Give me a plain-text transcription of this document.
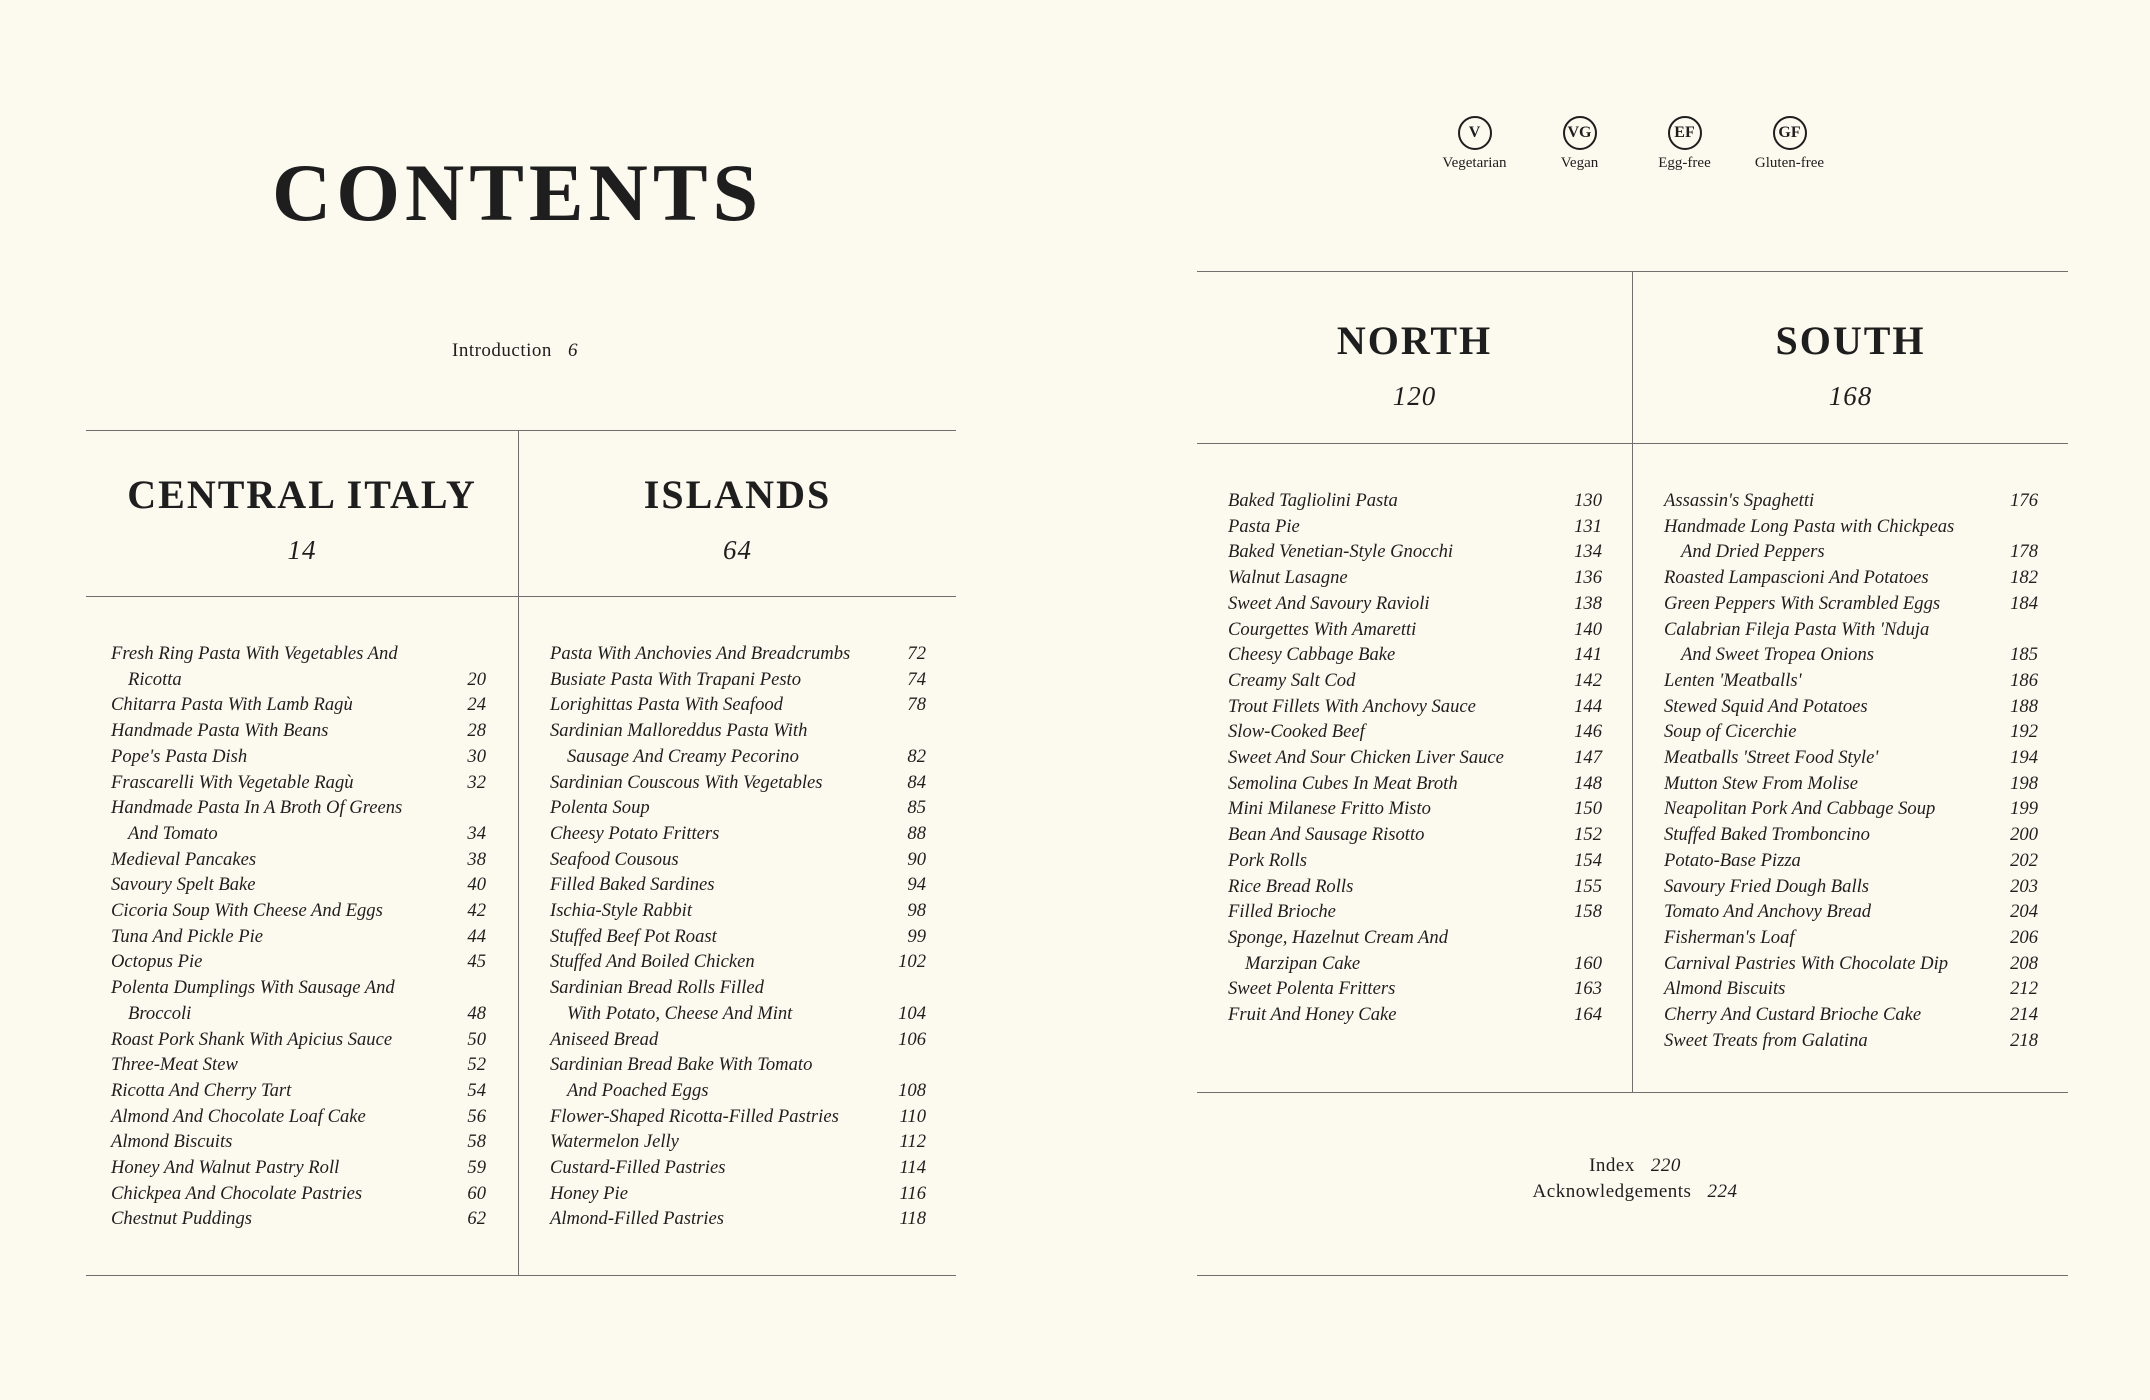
CONTENTS
Introduction 6
CENTRAL ITALY
14
ISLANDS
64
Fresh Ring Pasta With Vegetables And
Ricotta	20
Chitarra Pasta With Lamb Ragù	24
Handmade Pasta With Beans	28
Pope's Pasta Dish	30
Frascarelli With Vegetable Ragù	32
Handmade Pasta In A Broth Of Greens
And Tomato	34
Medieval Pancakes	38
Savoury Spelt Bake	40
Cicoria Soup With Cheese And Eggs	42
Tuna And Pickle Pie	44
Octopus Pie	45
Polenta Dumplings With Sausage And
Broccoli	48
Roast Pork Shank With Apicius Sauce	50
Three-Meat Stew	52
Ricotta And Cherry Tart	54
Almond And Chocolate Loaf Cake	56
Almond Biscuits	58
Honey And Walnut Pastry Roll	59
Chickpea And Chocolate Pastries	60
Chestnut Puddings	62
Pasta With Anchovies And Breadcrumbs	72
Busiate Pasta With Trapani Pesto	74
Lorighittas Pasta With Seafood	78
Sardinian Malloreddus Pasta With
Sausage And Creamy Pecorino	82
Sardinian Couscous With Vegetables	84
Polenta Soup	85
Cheesy Potato Fritters	88
Seafood Cousous	90
Filled Baked Sardines	94
Ischia-Style Rabbit	98
Stuffed Beef Pot Roast	99
Stuffed And Boiled Chicken	102
Sardinian Bread Rolls Filled
With Potato, Cheese And Mint	104
Aniseed Bread	106
Sardinian Bread Bake With Tomato
And Poached Eggs	108
Flower-Shaped Ricotta-Filled Pastries	110
Watermelon Jelly	112
Custard-Filled Pastries	114
Honey Pie	116
Almond-Filled Pastries	118
V
Vegetarian
VG
Vegan
EF
Egg-free
GF
Gluten-free
NORTH
120
SOUTH
168
Baked Tagliolini Pasta	130
Pasta Pie	131
Baked Venetian-Style Gnocchi	134
Walnut Lasagne	136
Sweet And Savoury Ravioli	138
Courgettes With Amaretti	140
Cheesy Cabbage Bake	141
Creamy Salt Cod	142
Trout Fillets With Anchovy Sauce	144
Slow-Cooked Beef	146
Sweet And Sour Chicken Liver Sauce	147
Semolina Cubes In Meat Broth	148
Mini Milanese Fritto Misto	150
Bean And Sausage Risotto	152
Pork Rolls	154
Rice Bread Rolls	155
Filled Brioche	158
Sponge, Hazelnut Cream And
Marzipan Cake	160
Sweet Polenta Fritters	163
Fruit And Honey Cake	164
Assassin's Spaghetti	176
Handmade Long Pasta with Chickpeas
And Dried Peppers	178
Roasted Lampascioni And Potatoes	182
Green Peppers With Scrambled Eggs	184
Calabrian Fileja Pasta With 'Nduja
And Sweet Tropea Onions	185
Lenten 'Meatballs'	186
Stewed Squid And Potatoes	188
Soup of Cicerchie	192
Meatballs 'Street Food Style'	194
Mutton Stew From Molise	198
Neapolitan Pork And Cabbage Soup	199
Stuffed Baked Tromboncino	200
Potato-Base Pizza	202
Savoury Fried Dough Balls	203
Tomato And Anchovy Bread	204
Fisherman's Loaf	206
Carnival Pastries With Chocolate Dip	208
Almond Biscuits	212
Cherry And Custard Brioche Cake	214
Sweet Treats from Galatina	218
Index 220
Acknowledgements 224
